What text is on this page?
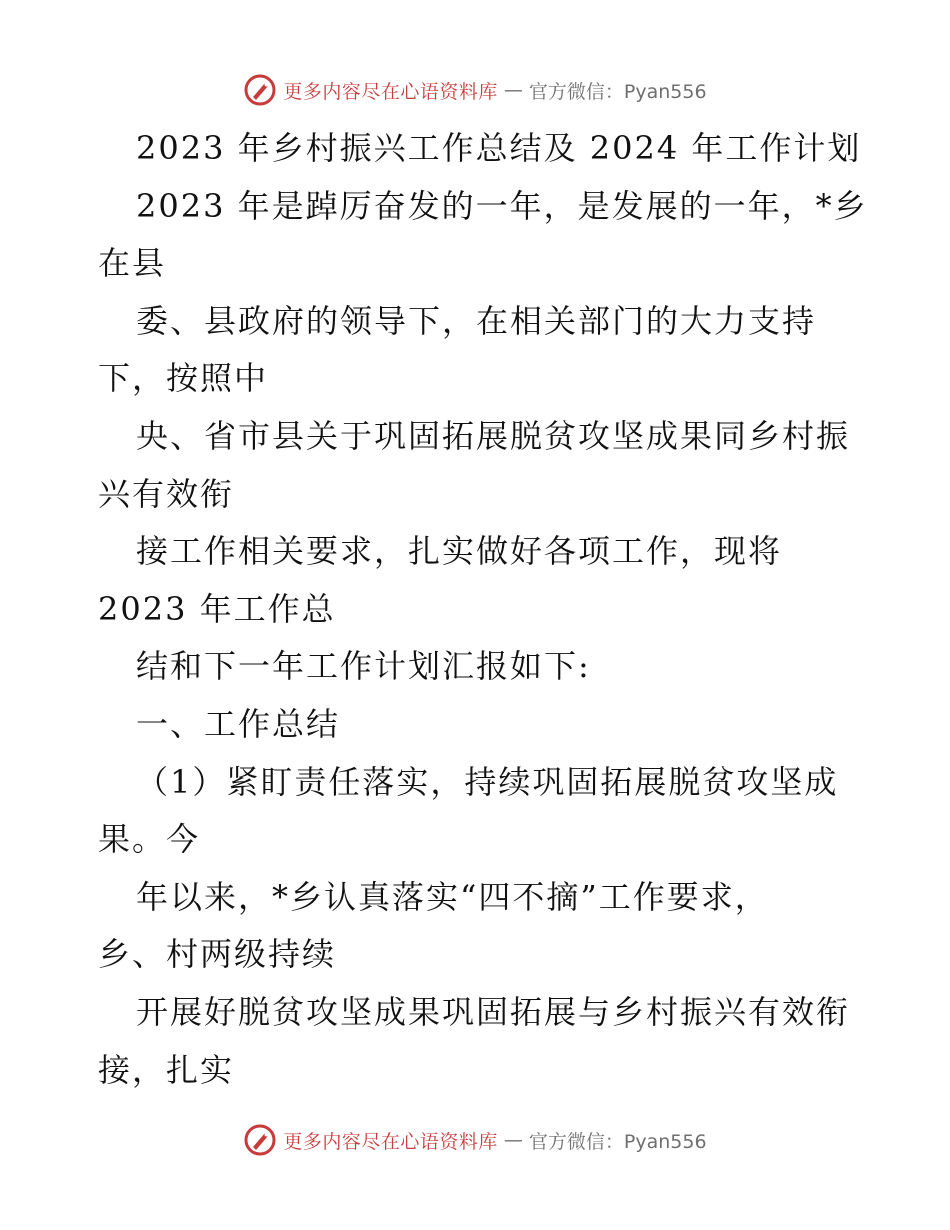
更多内容尽在心语资料库 — 官方微信：Pyan556
2023 年乡村振兴工作总结及 2024 年工作计划
2023 年是踔厉奋发的一年，是发展的一年，*乡
在县
委、县政府的领导下，在相关部门的大力支持
下，按照中
央、省市县关于巩固拓展脱贫攻坚成果同乡村振
兴有效衔
接工作相关要求，扎实做好各项工作，现将
2023 年工作总
结和下一年工作计划汇报如下:
一、工作总结
（1）紧盯责任落实，持续巩固拓展脱贫攻坚成
果。今
年以来，*乡认真落实“四不摘”工作要求，
乡、村两级持续
开展好脱贫攻坚成果巩固拓展与乡村振兴有效衔
接，扎实
更多内容尽在心语资料库 — 官方微信：Pyan556
